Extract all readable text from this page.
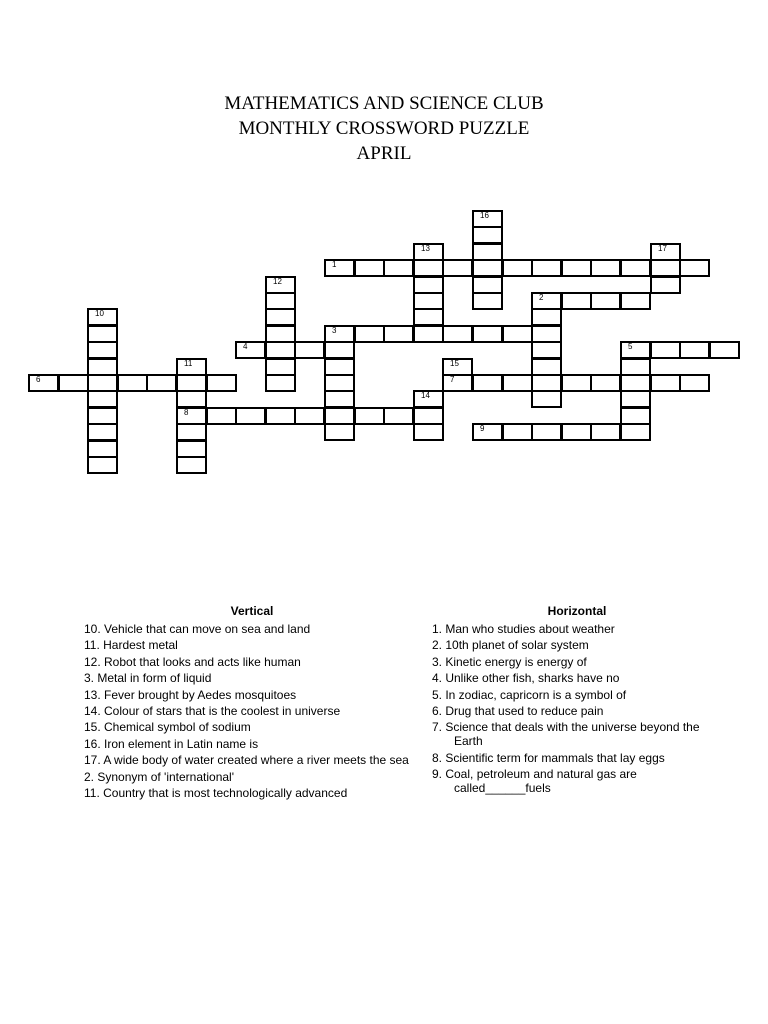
MATHEMATICS AND SCIENCE CLUB
MONTHLY CROSSWORD PUZZLE
APRIL
16
13	17
1
12
2
10
3
4	5
11	15
6	7
14
8
9
Vertical
10. Vehicle that can move on sea and land
11. Hardest metal
12. Robot that looks and acts like human
3. Metal in form of liquid
13. Fever brought by Aedes mosquitoes
14. Colour of stars that is the coolest in universe
15. Chemical symbol of sodium
16. Iron element in Latin name is
17. A wide body of water created where a river meets the sea
2. Synonym of 'international'
11. Country that is most technologically advanced
Horizontal
1. Man who studies about weather
2. 10th planet of solar system
3. Kinetic energy is energy of
4. Unlike other fish, sharks have no
5. In zodiac, capricorn is a symbol of
6. Drug that used to reduce pain
7. Science that deals with the universe beyond the Earth
8. Scientific term for mammals that lay eggs
9. Coal, petroleum and natural gas are called______fuels
